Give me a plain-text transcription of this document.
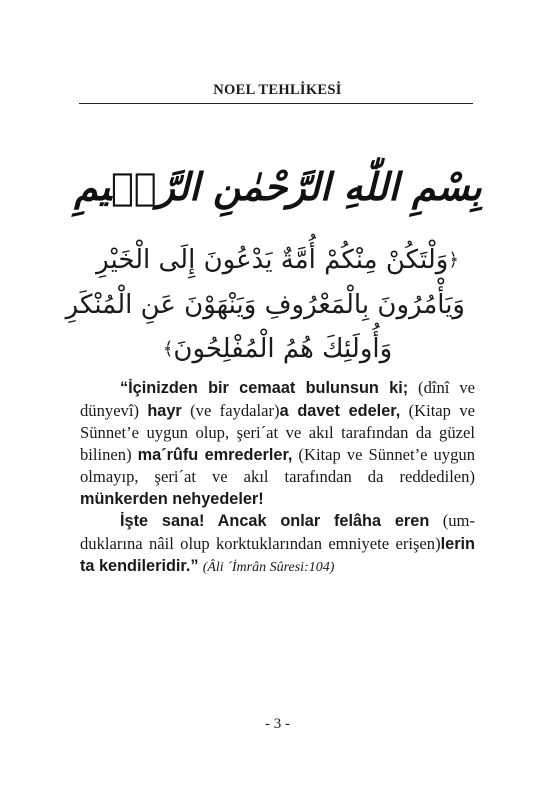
NOEL TEHLİKESİ
بِسْمِ اللّٰهِ الرَّحْمٰنِ الرَّح۪يمِ
﴿وَلْتَكُنْ مِنْكُمْ أُمَّةٌ يَدْعُونَ إِلَى الْخَيْرِ
وَيَأْمُرُونَ بِالْمَعْرُوفِ وَيَنْهَوْنَ عَنِ الْمُنْكَرِ
وَأُولَئِكَ هُمُ الْمُفْلِحُونَ﴾

“İçinizden bir cemaat bulunsun ki; (dînî ve dünyevî) hayr (ve faydalar)a davet edeler, (Kitap ve Sünnet’e uygun olup, şeri´at ve akıl tarafından da güzel bilinen) ma´rûfu emrederler, (Kitap ve Sünnet’e uygun olmayıp, şeri´at ve akıl tarafından da reddedilen) münkerden nehyedeler!

İşte sana! Ancak onlar felâha eren (umduklarına nâil olup korktuklarından emniyete erişen)lerin ta kendileridir.” (Âli ´İmrân Sûresi:104)

- 3 -
